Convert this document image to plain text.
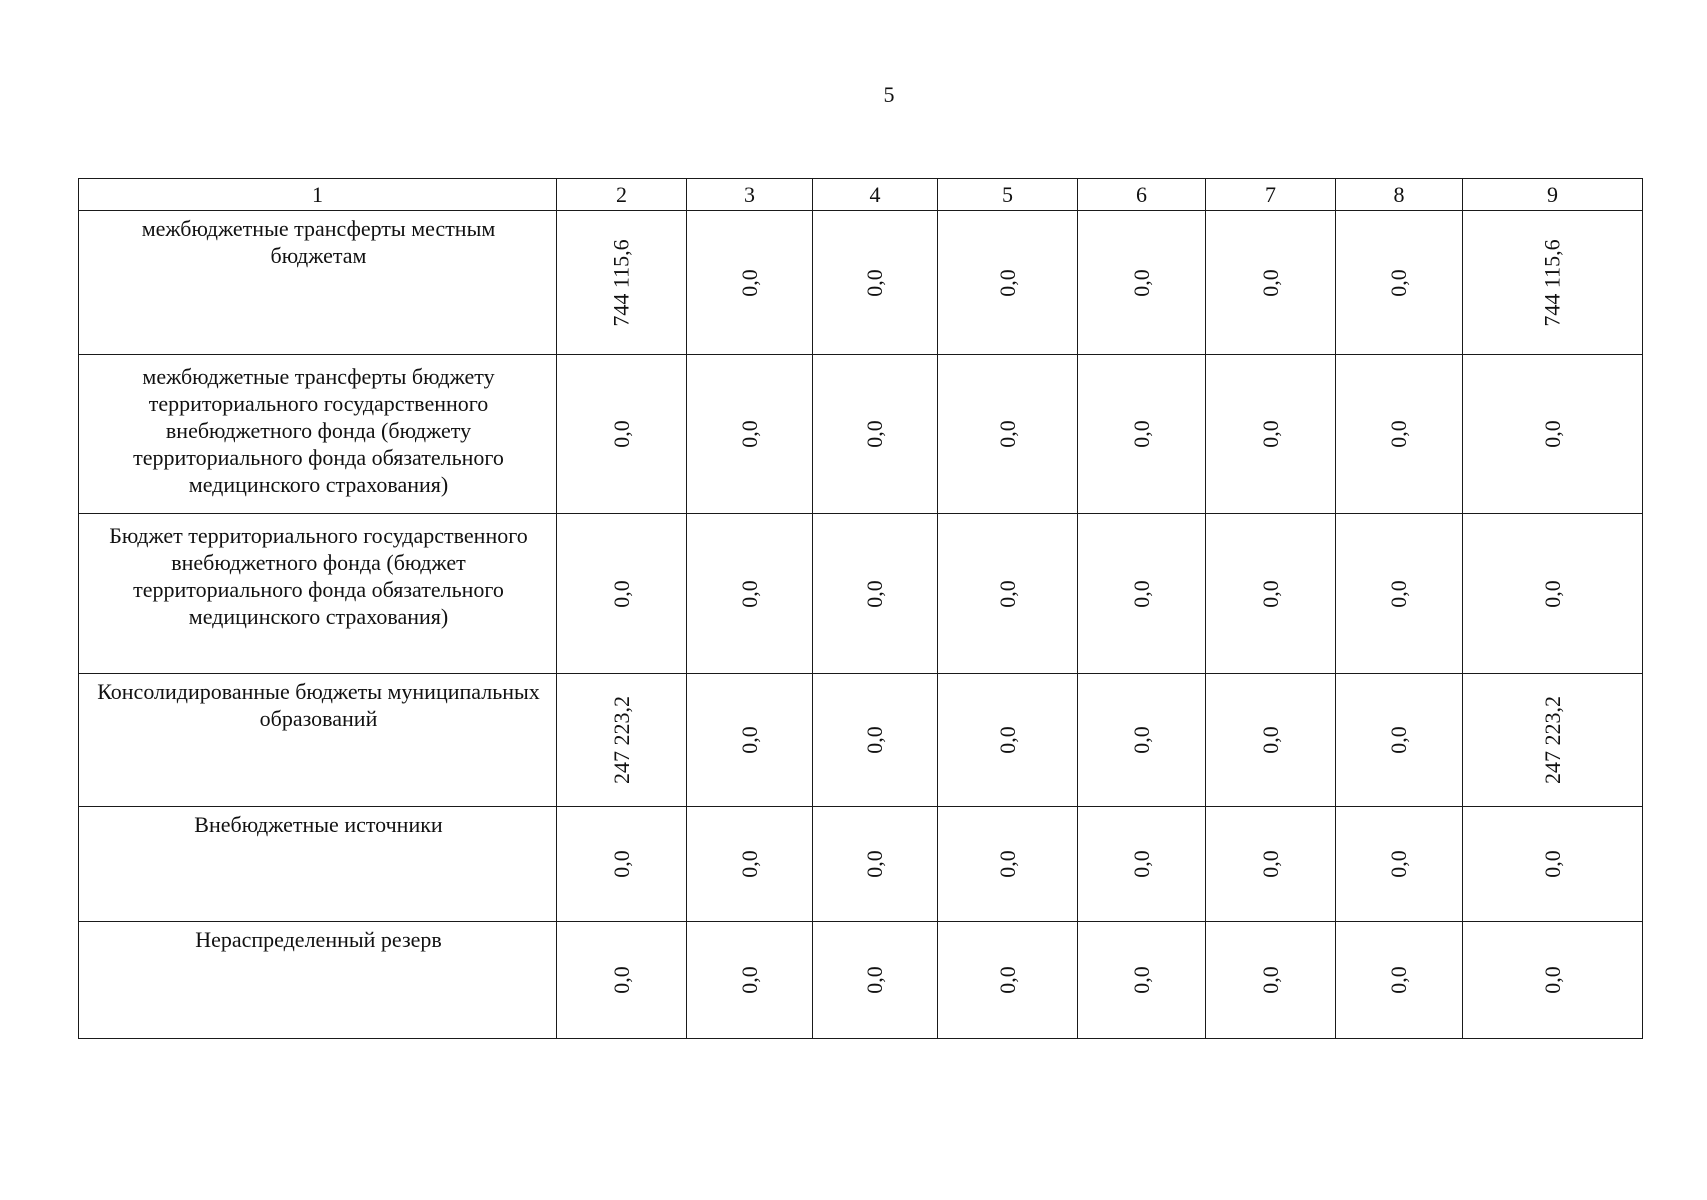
5
1	2	3	4	5	6	7	8	9
межбюджетные трансферты местным бюджетам	744 115,6	0,0	0,0	0,0	0,0	0,0	0,0	744 115,6
межбюджетные трансферты бюджету территориального государственного внебюджетного фонда (бюджету территориального фонда обязательного медицинского страхования)	0,0	0,0	0,0	0,0	0,0	0,0	0,0	0,0
Бюджет территориального государственного внебюджетного фонда (бюджет территориального фонда обязательного медицинского страхования)	0,0	0,0	0,0	0,0	0,0	0,0	0,0	0,0
Консолидированные бюджеты муниципальных образований	247 223,2	0,0	0,0	0,0	0,0	0,0	0,0	247 223,2
Внебюджетные источники	0,0	0,0	0,0	0,0	0,0	0,0	0,0	0,0
Нераспределенный резерв	0,0	0,0	0,0	0,0	0,0	0,0	0,0	0,0
